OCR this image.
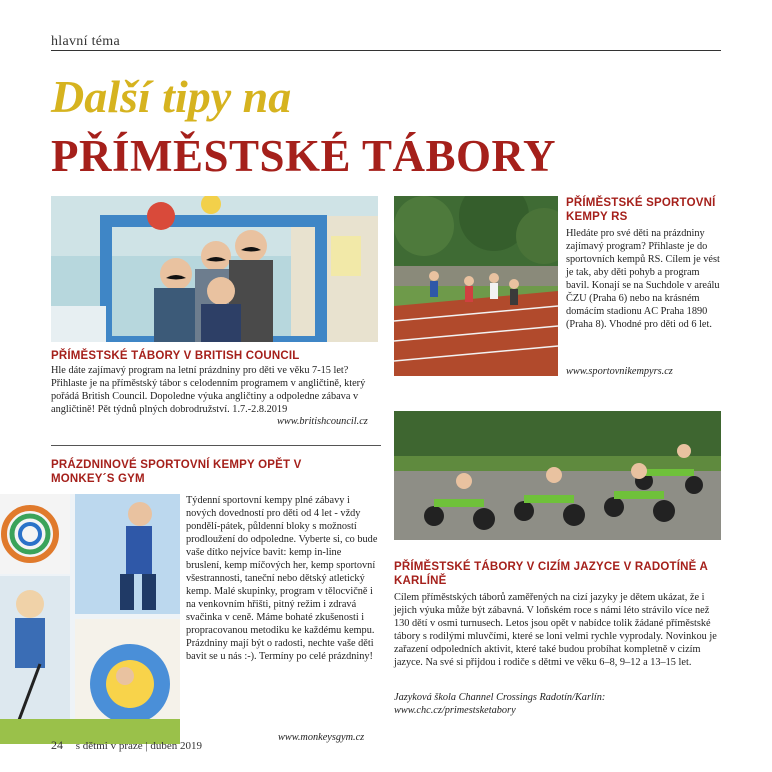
hlavní téma
Další tipy na
PŘÍMĚSTSKÉ TÁBORY
PŘÍMĚSTSKÉ TÁBORY V BRITISH COUNCIL
Hle dáte zajímavý program na letní prázdniny pro děti ve věku 7-15 let? Přihlaste je na příměstský tábor s celodenním programem v angličtině, který pořádá British Council. Dopoledne výuka angličtiny a odpoledne zábava v angličtině! Pět týdnů plných dobrodružství. 1.7.-2.8.2019
www.britishcouncil.cz
PRÁZDNINOVÉ SPORTOVNÍ KEMPY OPĚT V MONKEY´S GYM
Týdenní sportovní kempy plné zábavy i nových dovedností pro děti od 4 let - vždy pondělí-pátek, půldenní bloky s možností prodloužení do odpoledne. Vyberte si, co bude vaše dítko nejvíce bavit: kemp in-line bruslení, kemp míčových her, kemp sportovní všestrannosti, taneční nebo dětský atletický kemp. Malé skupinky, program v tělocvičně i na venkovním hřišti, pitný režim i zdravá svačinka v ceně. Máme bohaté zkušenosti i propracovanou metodiku ke každému kempu. Prázdniny mají být o radosti, nechte vaše děti bavit se u nás :-). Termíny po celé prázdniny!
www.monkeysgym.cz
PŘÍMĚSTSKÉ SPORTOVNÍ KEMPY RS
Hledáte pro své děti na prázdniny zajímavý program? Přihlaste je do sportovních kempů RS. Cílem je vést je tak, aby děti pohyb a program bavil. Konají se na Suchdole v areálu ČZU (Praha 6) nebo na krásném domácím stadionu AC Praha 1890 (Praha 8). Vhodné pro děti od 6 let.
www.sportovnikempyrs.cz
PŘÍMĚSTSKÉ TÁBORY V CIZÍM JAZYCE V RADOTÍNĚ A KARLÍNĚ
Cílem příměstských táborů zaměřených na cizí jazyky je dětem ukázat, že i jejich výuka může být zábavná. V loňském roce s námi léto strávilo více než 130 dětí v osmi turnusech. Letos jsou opět v nabídce tolik žádané příměstské tábory s rodilými mluvčími, které se loni velmi rychle vyprodaly. Novinkou je zařazení odpoledních aktivit, které také budou probíhat kompletně v cizím jazyce. Na své si přijdou i rodiče s dětmi ve věku 6–8, 9–12 a 13–15 let.
Jazyková škola Channel Crossings Radotín/Karlín:
www.chc.cz/primestsketabory
24 s dětmi v praze | duben 2019
